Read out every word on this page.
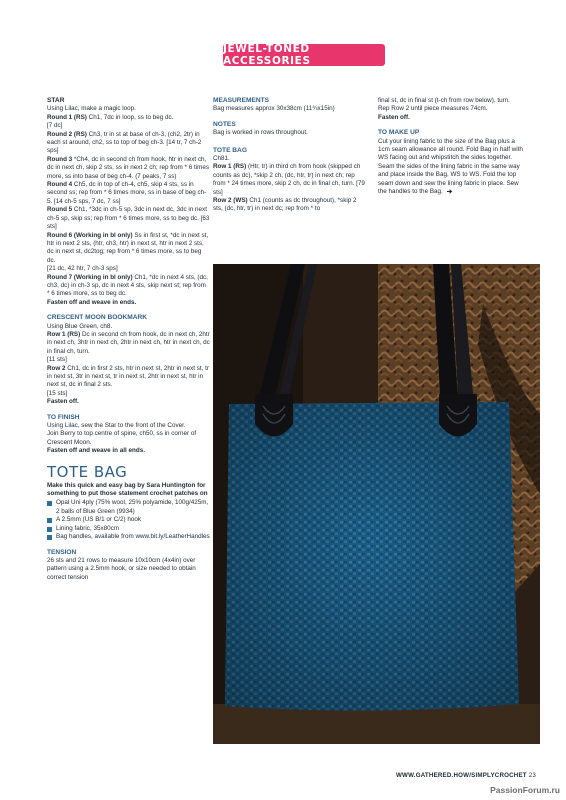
JEWEL-TONED ACCESSORIES

STAR

Using Lilac, make a magic loop.

Round 1 (RS) Ch1, 7dc in loop, ss to beg dc.

[7 dc]

Round 2 (RS) Ch3, tr in st at base of ch-3, (ch2, 2tr) in each st around, ch2, ss to top of beg ch-3. [14 tr, 7 ch-2 sps]

Round 3 *Ch4, dc in second ch from hook, htr in next ch, dc in next ch, skip 2 sts, ss in next 2 ch; rep from * 6 times more, ss into base of beg ch-4. (7 peaks, 7 ss)

Round 4 Ch5, dc in top of ch-4, ch5, skip 4 sts, ss in second ss; rep from * 6 times more, ss in base of beg ch-5. [14 ch-5 sps, 7 dc, 7 ss]

Round 5 Ch1, *3dc in ch-5 sp, 3dc in next dc, 3dc in next ch-5 sp, skip ss; rep from * 6 times more, ss to beg dc. [63 sts]

Round 6 (Working in bl only) Ss in first st, *dc in next st, htr in next 2 sts, (htr, ch3, htr) in next st, htr in next 2 sts, dc in next st, dc2tog; rep from * 6 times more, ss to beg dc.

[21 dc, 42 htr, 7 ch-3 sps]

Round 7 (Working in bl only) Ch1, *dc in next 4 sts, (dc, ch3, dc) in ch-3 sp, dc in next 4 sts, skip next st; rep from * 6 times more, ss to beg dc.

Fasten off and weave in ends.

CRESCENT MOON BOOKMARK

Using Blue Green, ch8.

Row 1 (RS) Dc in second ch from hook, dc in next ch, 2htr in next ch, 3htr in next ch, 2htr in next ch, htr in next ch, dc in final ch, turn.

[11 sts]

Row 2 Ch1, dc in first 2 sts, htr in next st, 2htr in next st, tr in next st, 3tr in next st, tr in next st, 2htr in next st, htr in next st, dc in final 2 sts.

[15 sts]

Fasten off.

TO FINISH

Using Lilac, sew the Star to the front of the Cover.

Join Berry to top centre of spine, ch50, ss in corner of Crescent Moon.

Fasten off and weave in all ends.

TOTE BAG

Make this quick and easy bag by Sara Huntington for something to put those statement crochet patches on

Opal Uni 4ply (75% wool, 25% polyamide, 100g/425m, 2 balls of Blue Green (9934)
A 2.5mm (US B/1 or C/2) hook
Lining fabric, 35x80cm
Bag handles, available from www.bit.ly/LeatherHandles

TENSION

26 sts and 21 rows to measure 10x10cm (4x4in) over pattern using a 2.5mm hook, or size needed to obtain correct tension

MEASUREMENTS

Bag measures approx 30x38cm (11¾x15in)

NOTES

Bag is worked in rows throughout.

TOTE BAG

Ch81.

Row 1 (RS) (Htr, tr) in third ch from hook (skipped ch counts as dc), *skip 2 ch, (dc, htr, tr) in next ch; rep from * 24 times more, skip 2 ch, dc in final ch, turn. [79 sts]

Row 2 (WS) Ch1 (counts as dc throughout), *skip 2 sts, (dc, htr, tr) in next dc; rep from * to

final st, dc in final st (t-ch from row below), turn.

Rep Row 2 until piece measures 74cm.

Fasten off.

TO MAKE UP

Cut your lining fabric to the size of the Bag plus a 1cm seam allowance all round. Fold Bag in half with WS facing out and whipstitch the sides together. Seam the sides of the lining fabric in the same way and place inside the Bag, WS to WS. Fold the top seam down and sew the lining fabric in place. Sew the handles to the Bag.

WWW.GATHERED.HOW/SIMPLYCROCHET 23
PassionForum.ru
